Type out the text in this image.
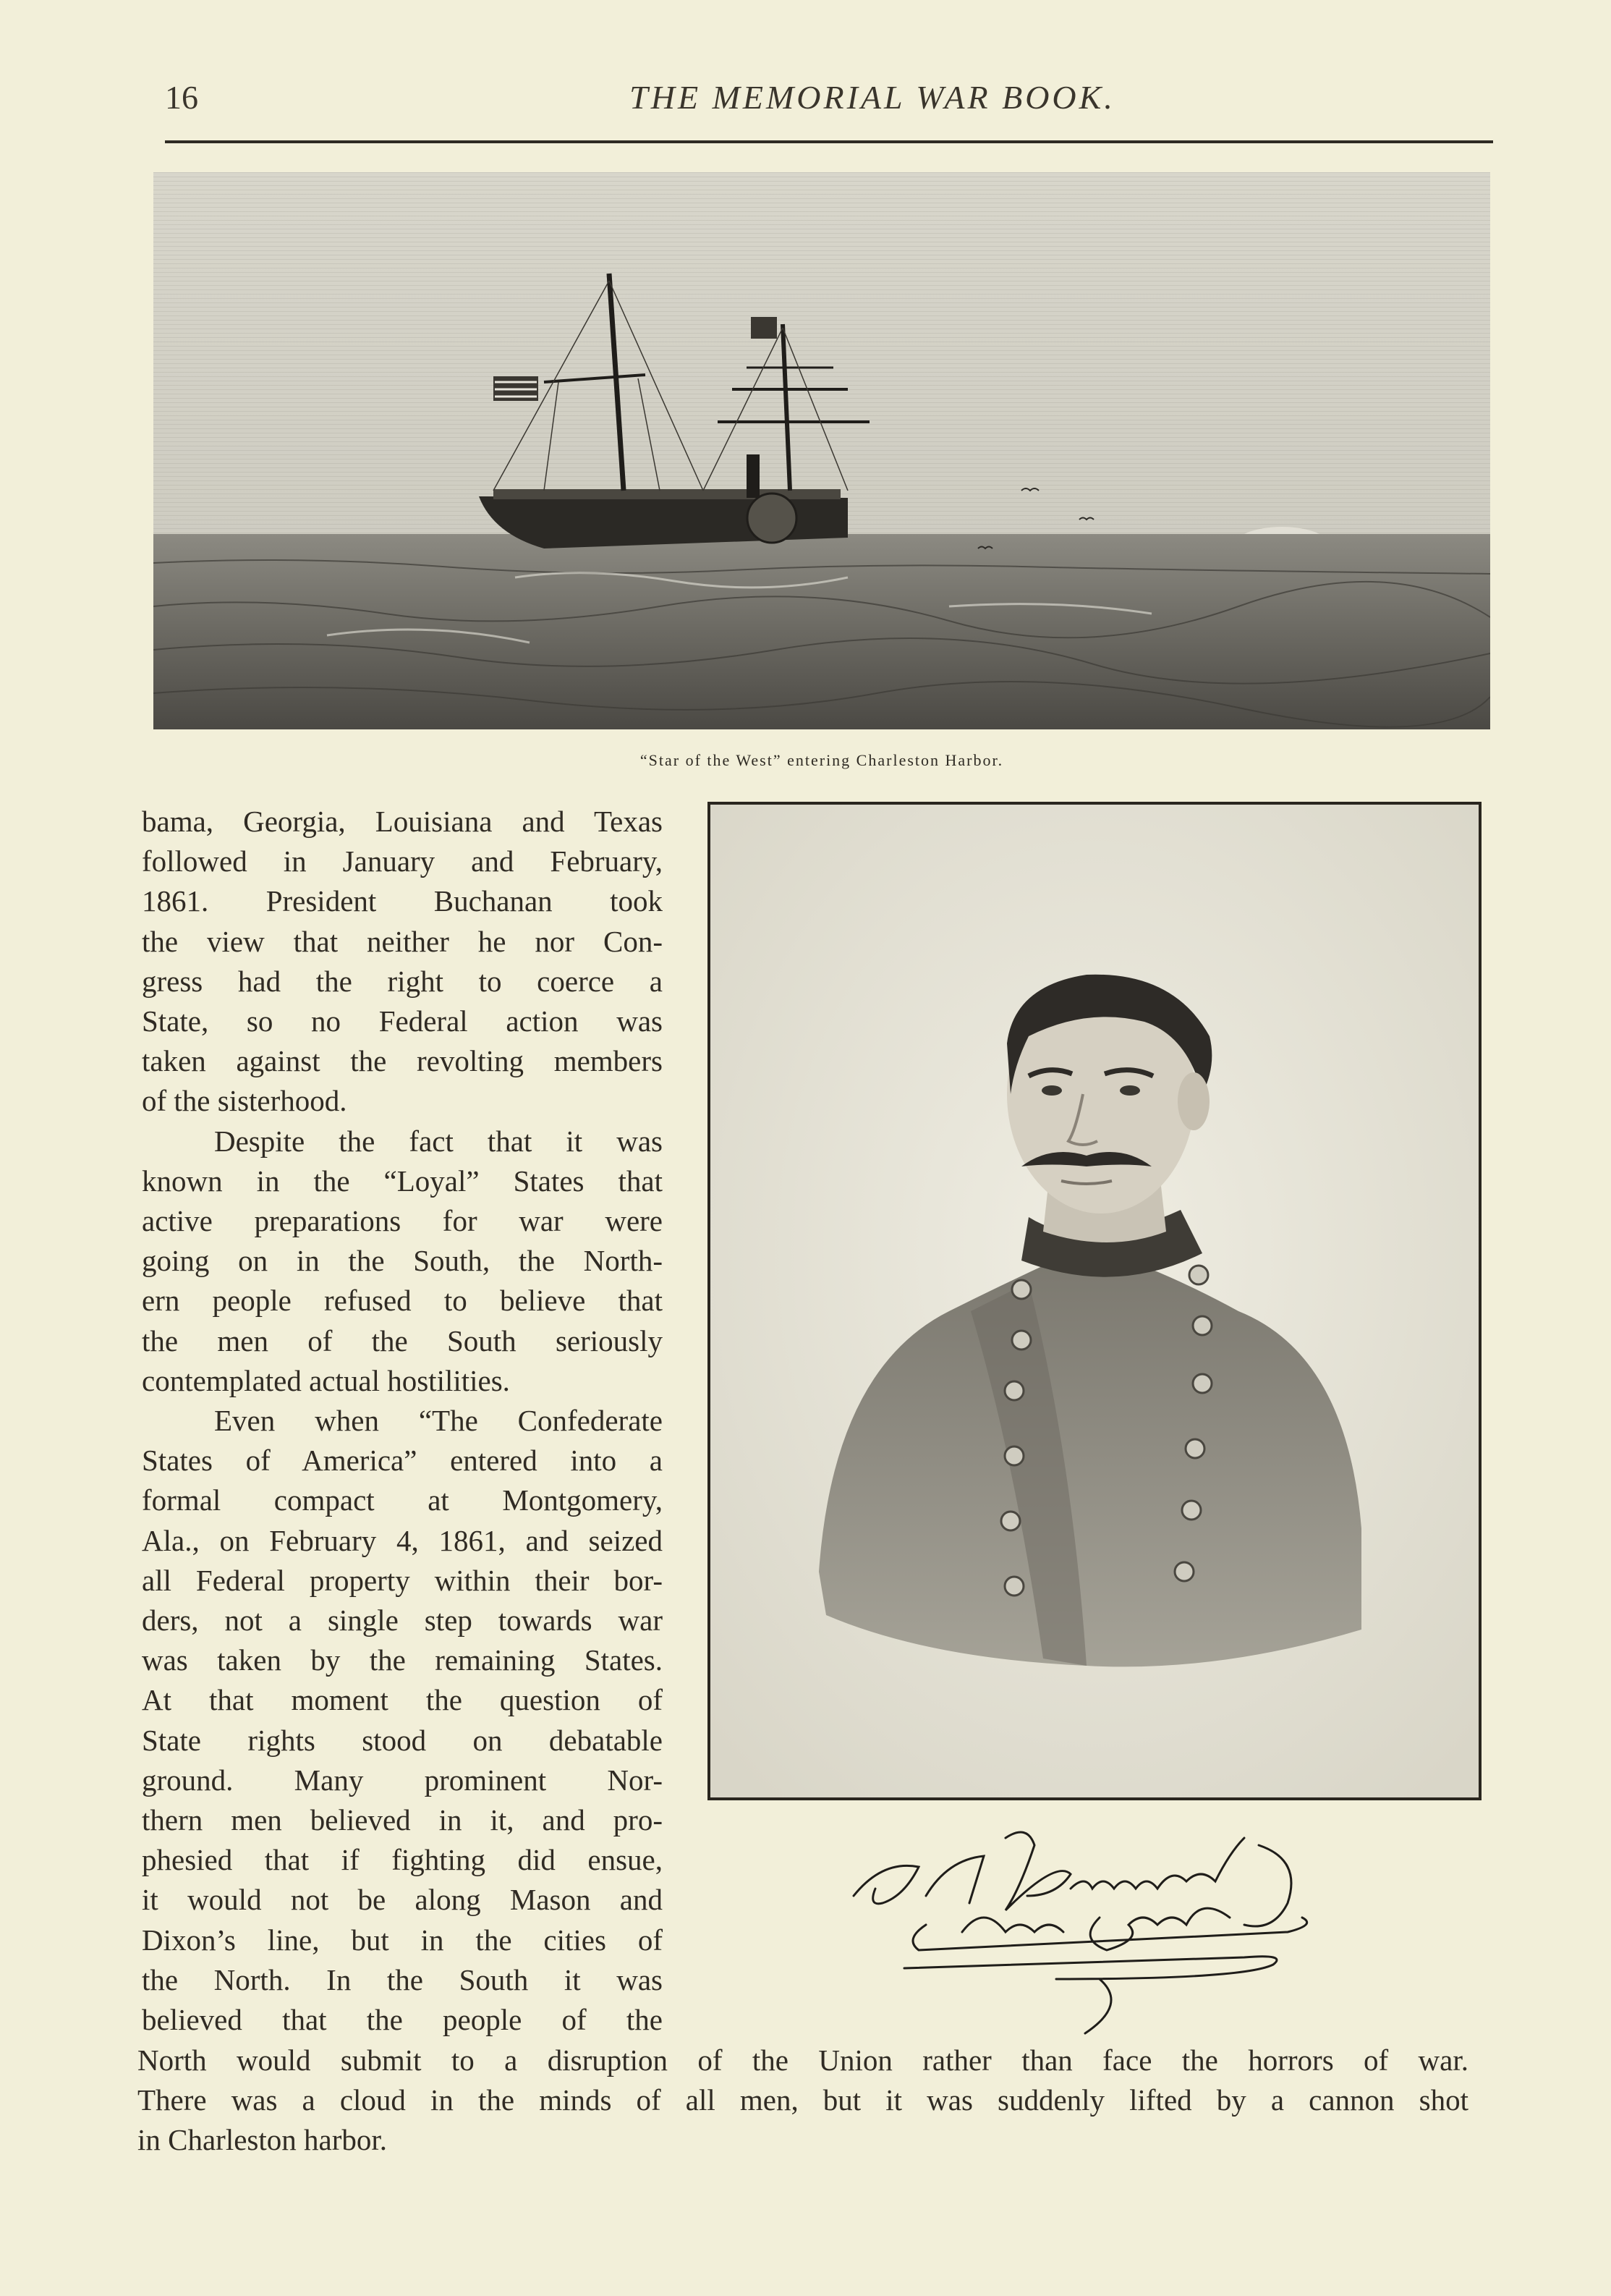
16	THE MEMORIAL WAR BOOK.
“Star of the West” entering Charleston Harbor.
bama, Georgia, Louisiana and Texas
followed in January and February,
1861. President Buchanan took
the view that neither he nor Con-
gress had the right to coerce a
State, so no Federal action was
taken against the revolting members
of the sisterhood.
Despite the fact that it was
known in the “Loyal” States that
active preparations for war were
going on in the South, the North-
ern people refused to believe that
the men of the South seriously
contemplated actual hostilities.
Even when “The Confederate
States of America” entered into a
formal compact at Montgomery,
Ala., on February 4, 1861, and seized
all Federal property within their bor-
ders, not a single step towards war
was taken by the remaining States.
At that moment the question of
State rights stood on debatable
ground. Many prominent Nor-
thern men believed in it, and pro-
phesied that if fighting did ensue,
it would not be along Mason and
Dixon’s line, but in the cities of
the North. In the South it was
believed that the people of the
North would submit to a disruption of the Union rather than face the horrors of war.
There was a cloud in the minds of all men, but it was suddenly lifted by a cannon shot
in Charleston harbor.
